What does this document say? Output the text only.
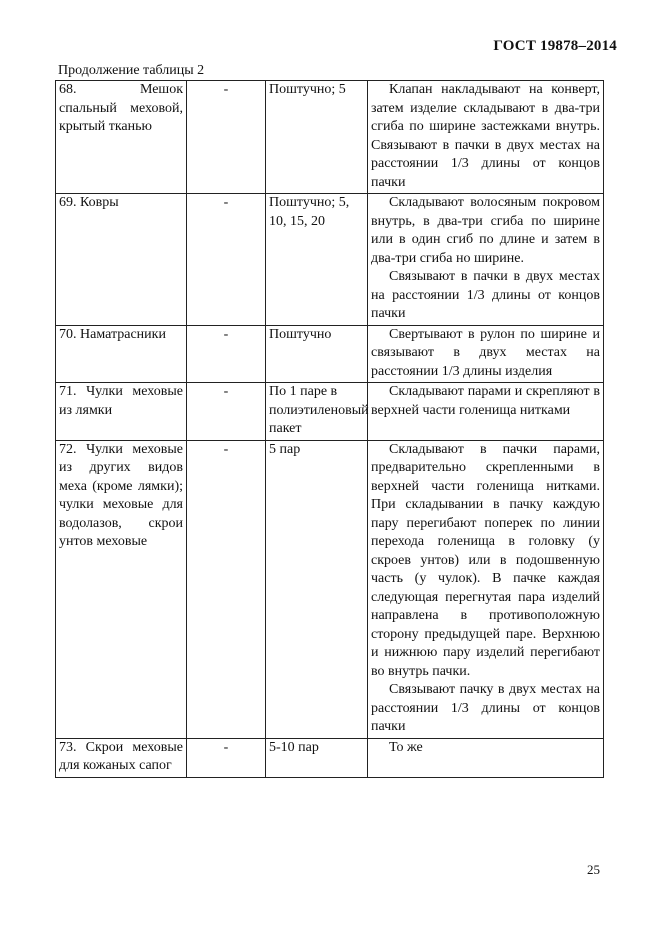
ГОСТ 19878–2014
Продолжение таблицы 2
68. Мешок спальный меховой, крытый тканью	-	Поштучно; 5	Клапан накладывают на конверт, затем изделие складывают в два-три сгиба по ширине застежками внутрь. Связывают в пачки в двух местах на расстоянии 1/3 длины от концов пачки

69. Ковры	-	Поштучно; 5, 10, 15, 20	Складывают волосяным покровом внутрь, в два-три сгиба по ширине или в один сгиб по длине и затем в два-три сгиба но ширине.

Связывают в пачки в двух местах на расстоянии 1/3 длины от концов пачки

70. Наматрасники	-	Поштучно	Свертывают в рулон по ширине и связывают в двух местах на расстоянии 1/3 длины изделия

71. Чулки меховые из лямки	-	По 1 паре в полиэтиленовый пакет	Складывают парами и скрепляют в верхней части голенища нитками

72. Чулки меховые из других видов меха (кроме лямки); чулки меховые для водолазов, скрои унтов меховые	-	5 пар	Складывают в пачки парами, предварительно скрепленными в верхней части голенища нитками. При складывании в пачку каждую пару перегибают поперек по линии перехода голенища в головку (у скроев унтов) или в подошвенную часть (у чулок). В пачке каждая следующая перегнутая пара изделий направлена в противоположную сторону предыдущей паре. Верхнюю и нижнюю пару изделий перегибают во внутрь пачки.

Связывают пачку в двух местах на расстоянии 1/3 длины от концов пачки

73. Скрои меховые для кожаных сапог	-	5-10 пар	То же

25
